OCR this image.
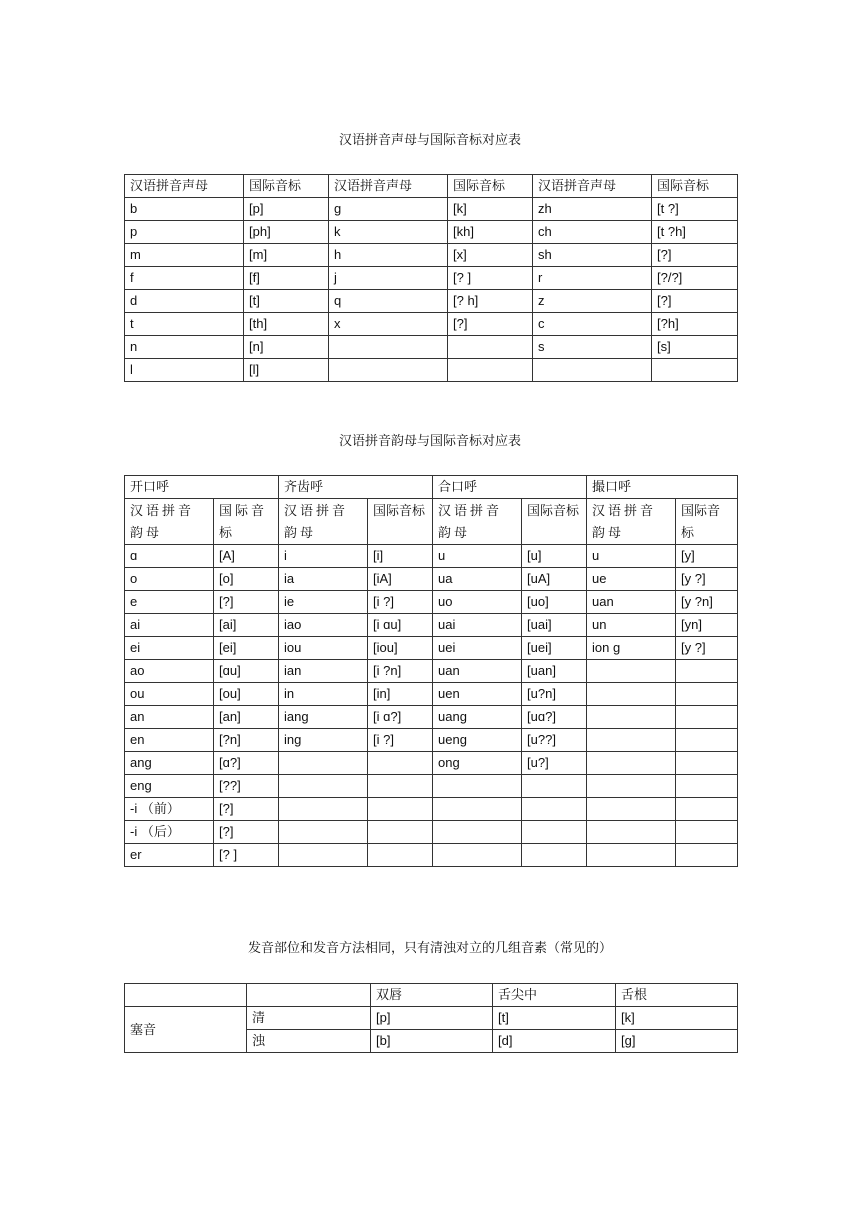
汉语拼音声母与国际音标对应表
汉语拼音声母	国际音标	汉语拼音声母	国际音标	汉语拼音声母	国际音标
b	[p]	ɡ	[k]	zh	[t ?]
p	[ph]	k	[kh]	ch	[t ?h]
m	[m]	h	[x]	sh	[?]
f	[f]	j	[? ]	r	[?/?]
d	[t]	q	[? h]	z	[?]
t	[th]	x	[?]	c	[?h]
n	[n]			s	[s]
l	[l]				
汉语拼音韵母与国际音标对应表
开口呼		齐齿呼		合口呼		撮口呼	
汉语拼音韵母	国际音标	汉语拼音韵母	国际音标	汉语拼音韵母	国际音标	汉语拼音韵母	国际音标
ɑ	[A]	i	[i]	u	[u]	u	[y]
o	[o]	ia	[iA]	ua	[uA]	ue	[y ?]
e	[?]	ie	[i ?]	uo	[uo]	uan	[y ?n]
ai	[ai]	iao	[i ɑu]	uai	[uai]	un	[yn]
ei	[ei]	iou	[iou]	uei	[uei]	ion ɡ	[y ?]
ao	[ɑu]	ian	[i ?n]	uan	[uan]		
ou	[ou]	in	[in]	uen	[u?n]		
an	[an]	ianɡ	[i ɑ?]	uanɡ	[uɑ?]		
en	[?n]	inɡ	[i ?]	uenɡ	[u??]		
anɡ	[ɑ?]			onɡ	[u?]		
enɡ	[??]						
-i （前）	[?]						
-i （后）	[?]						
er	[? ]						
发音部位和发音方法相同，只有清浊对立的几组音素（常见的）
		双唇	舌尖中	舌根
塞音	清	[p]	[t]	[k]
	浊	[b]	[d]	[ɡ]
